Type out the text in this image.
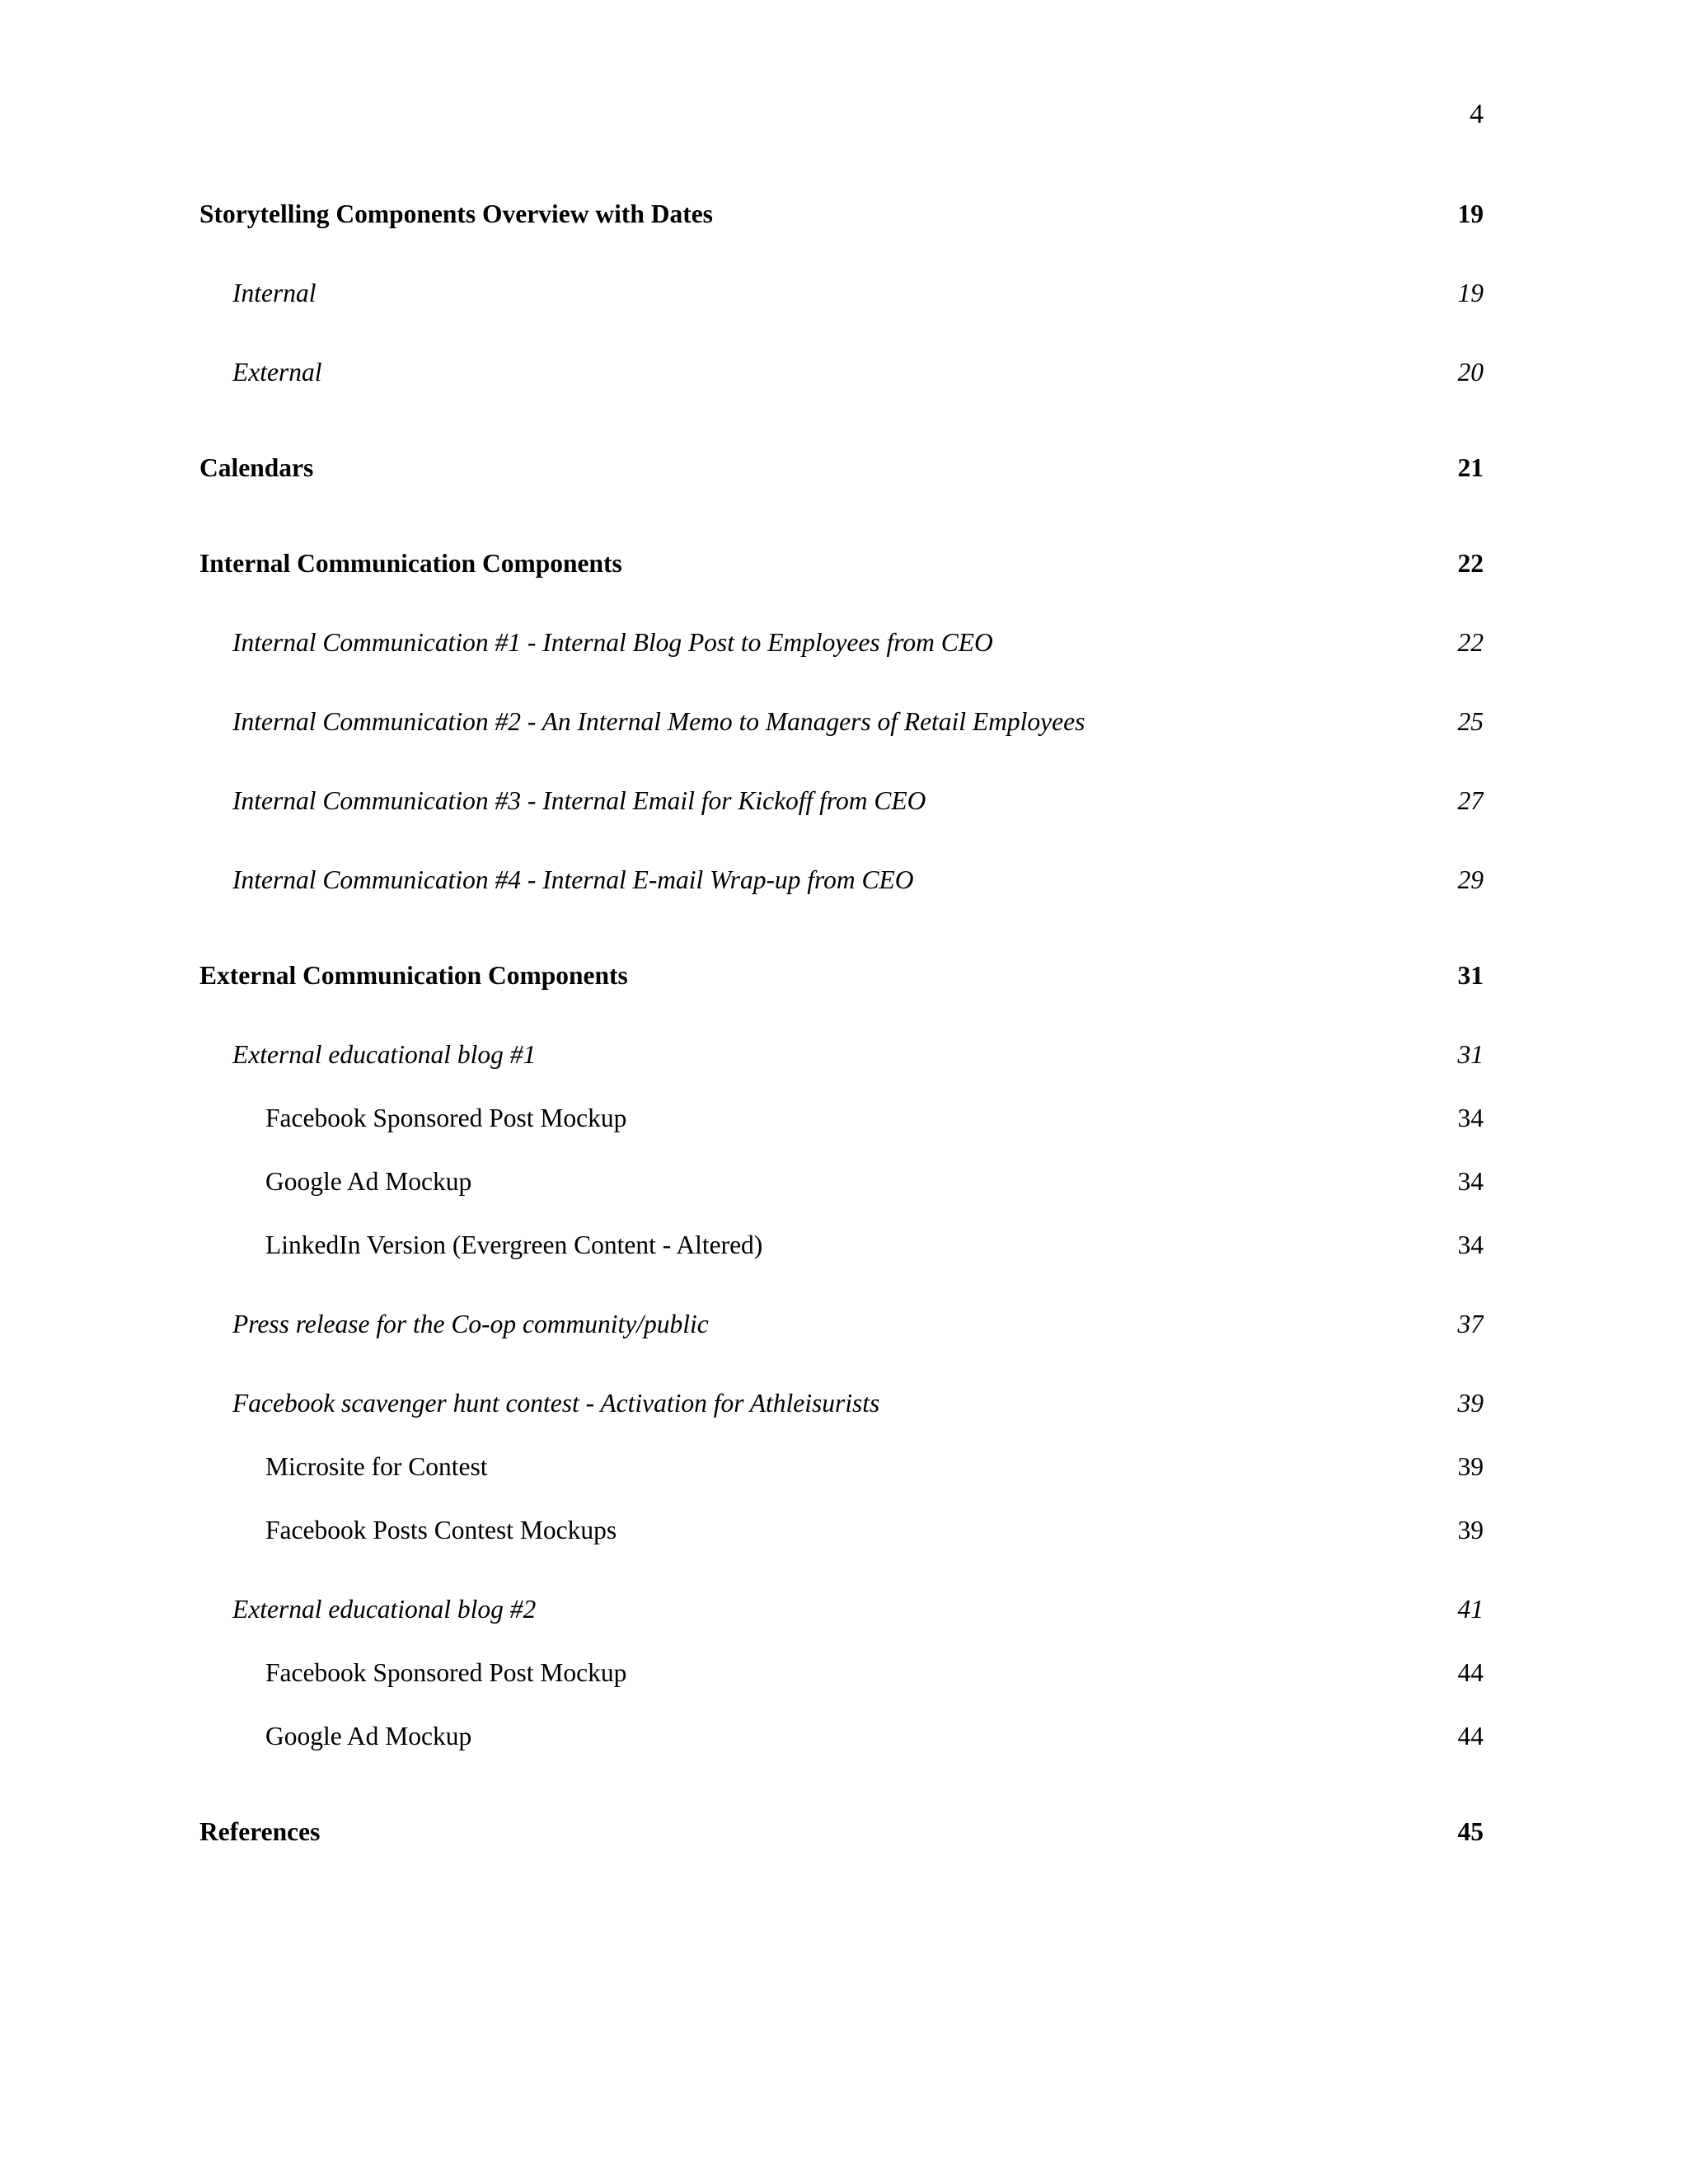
4
Storytelling Components Overview with Dates	19
Internal	19
External	20
Calendars	21
Internal Communication Components	22
Internal Communication #1 - Internal Blog Post to Employees from CEO	22
Internal Communication #2 - An Internal Memo to Managers of Retail Employees	25
Internal Communication #3 - Internal Email for Kickoff from CEO	27
Internal Communication #4 - Internal E-mail Wrap-up from CEO	29
External Communication Components	31
External educational blog #1	31
Facebook Sponsored Post Mockup	34
Google Ad Mockup	34
LinkedIn Version (Evergreen Content - Altered)	34
Press release for the Co-op community/public	37
Facebook scavenger hunt contest - Activation for Athleisurists	39
Microsite for Contest	39
Facebook Posts Contest Mockups	39
External educational blog #2	41
Facebook Sponsored Post Mockup	44
Google Ad Mockup	44
References	45
